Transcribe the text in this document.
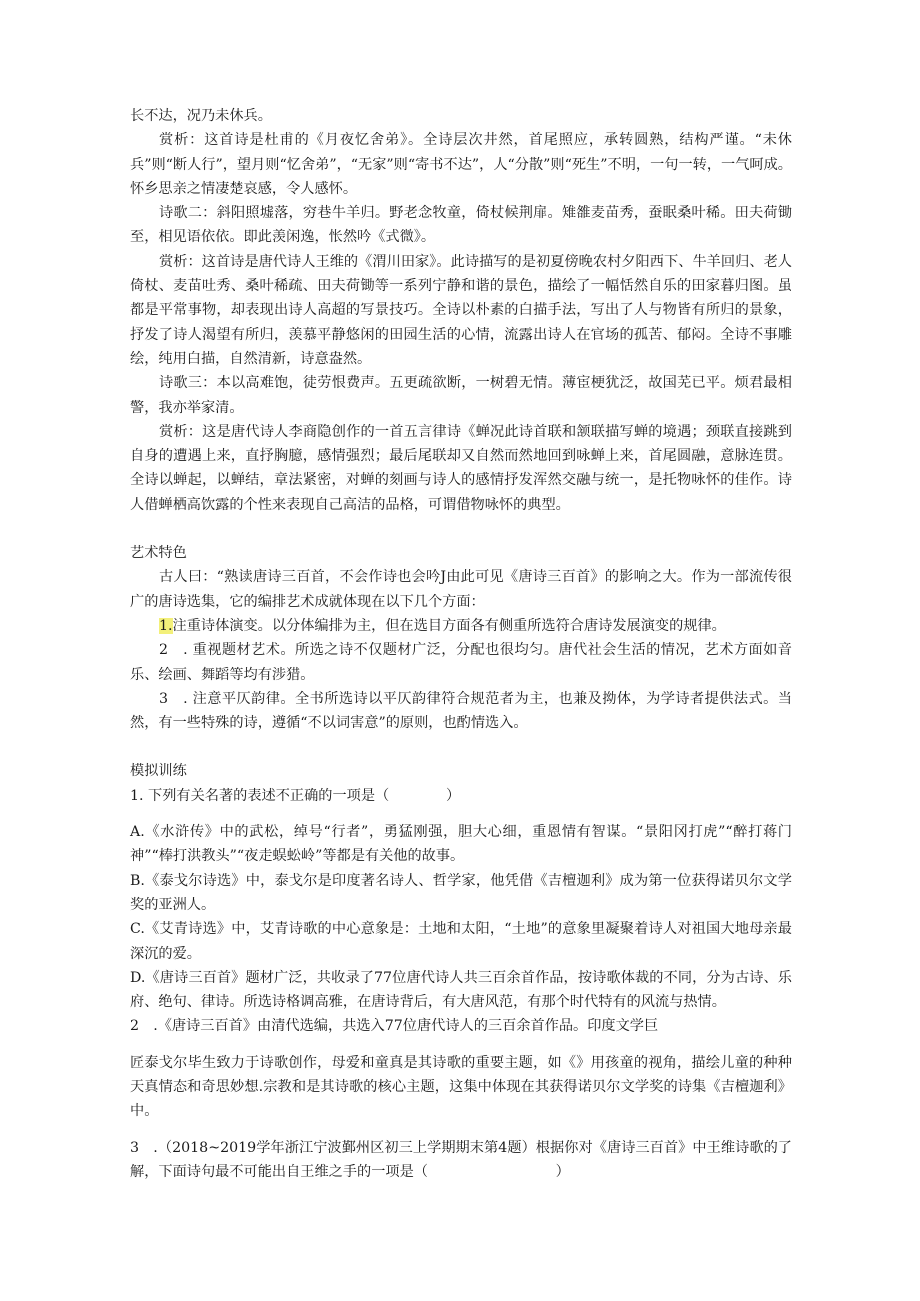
长不达，况乃未休兵。

赏析：这首诗是杜甫的《月夜忆舍弟》。全诗层次井然，首尾照应，承转圆熟，结构严谨。“未休兵”则“断人行”，望月则“忆舍弟”，“无家”则“寄书不达”，人“分散”则“死生”不明，一句一转，一气呵成。怀乡思亲之情凄楚哀感，令人感怀。

诗歌二：斜阳照墟落，穷巷牛羊归。野老念牧童，倚杖候荆扉。雉雒麦苗秀，蚕眠桑叶稀。田夫荷锄至，相见语依依。即此羡闲逸，怅然吟《式微》。

赏析：这首诗是唐代诗人王维的《渭川田家》。此诗描写的是初夏傍晚农村夕阳西下、牛羊回归、老人倚杖、麦苗吐秀、桑叶稀疏、田夫荷锄等一系列宁静和谐的景色，描绘了一幅恬然自乐的田家暮归图。虽都是平常事物，却表现出诗人高超的写景技巧。全诗以朴素的白描手法，写出了人与物皆有所归的景象，抒发了诗人渴望有所归，羡慕平静悠闲的田园生活的心情，流露出诗人在官场的孤苦、郁闷。全诗不事雕绘，纯用白描，自然清新，诗意盎然。

诗歌三：本以高难饱，徒劳恨费声。五更疏欲断，一树碧无情。薄宦梗犹泛，故国芜已平。烦君最相警，我亦举家清。

赏析：这是唐代诗人李商隐创作的一首五言律诗《蝉况此诗首联和颔联描写蝉的境遇；颈联直接跳到自身的遭遇上来，直抒胸臆，感情强烈；最后尾联却又自然而然地回到咏蝉上来，首尾圆融，意脉连贯。全诗以蝉起，以蝉结，章法紧密，对蝉的刻画与诗人的感情抒发浑然交融与统一，是托物咏怀的佳作。诗人借蝉栖高饮露的个性来表现自己高洁的品格，可谓借物咏怀的典型。

艺术特色

古人曰：“熟读唐诗三百首，不会作诗也会吟J由此可见《唐诗三百首》的影响之大。作为一部流传很广的唐诗选集，它的编排艺术成就体现在以下几个方面：

1.注重诗体演变。以分体编排为主，但在选目方面各有侧重所选符合唐诗发展演变的规律。

2　. 重视题材艺术。所选之诗不仅题材广泛，分配也很均匀。唐代社会生活的情况，艺术方面如音乐、绘画、舞蹈等均有涉猎。

3　. 注意平仄韵律。全书所选诗以平仄韵律符合规范者为主，也兼及拗体，为学诗者提供法式。当然，有一些特殊的诗，遵循“不以词害意”的原则，也酌情选入。

模拟训练

1. 下列有关名著的表述不正确的一项是（　　　　）

A.《水浒传》中的武松，绰号“行者”，勇猛刚强，胆大心细，重恩情有智谋。“景阳冈打虎”“醉打蒋门神”“棒打洪教头”“夜走蜈蚣岭”等都是有关他的故事。

B.《泰戈尔诗选》中，泰戈尔是印度著名诗人、哲学家，他凭借《吉檀迦利》成为第一位获得诺贝尔文学奖的亚洲人。

C.《艾青诗选》中，艾青诗歌的中心意象是：土地和太阳，“土地”的意象里凝聚着诗人对祖国大地母亲最深沉的爱。

D.《唐诗三百首》题材广泛，共收录了77位唐代诗人共三百余首作品，按诗歌体裁的不同，分为古诗、乐府、绝句、律诗。所选诗格调高雅，在唐诗背后，有大唐风范，有那个时代特有的风流与热情。

2　.《唐诗三百首》由清代选编，共选入77位唐代诗人的三百余首作品。印度文学巨

匠泰戈尔毕生致力于诗歌创作，母爱和童真是其诗歌的重要主题，如《》用孩童的视角，描绘儿童的种种天真情态和奇思妙想.宗教和是其诗歌的核心主题，这集中体现在其获得诺贝尔文学奖的诗集《吉檀迦利》中。

3　.（2018~2019学年浙江宁波鄞州区初三上学期期末第4题）根据你对《唐诗三百首》中王维诗歌的了解，下面诗句最不可能出自王维之手的一项是（　　　　　　　　　）
